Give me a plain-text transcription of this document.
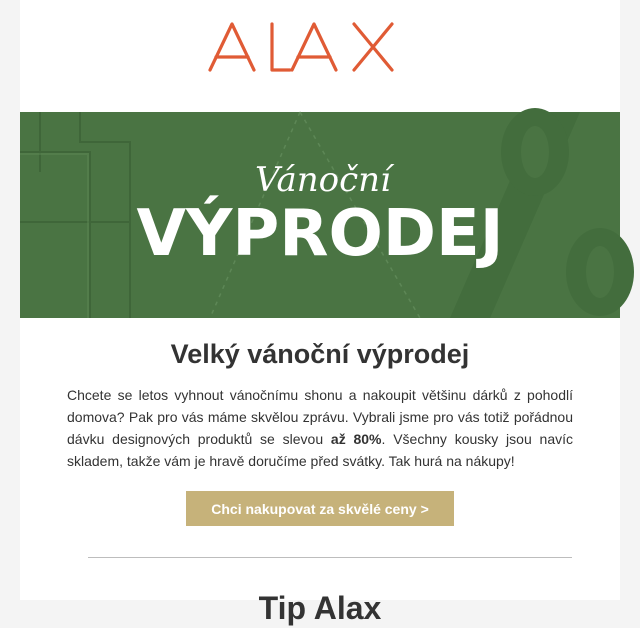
Vánoční
VÝPRODEJ
Velký vánoční výprodej

Chcete se letos vyhnout vánočnímu shonu a nakoupit většinu dárků z pohodlí domova? Pak pro vás máme skvělou zprávu. Vybrali jsme pro vás totiž pořádnou dávku designových produktů se slevou až 80%. Všechny kousky jsou navíc skladem, takže vám je hravě doručíme před svátky. Tak hurá na nákupy!

Chci nakupovat za skvělé ceny >
Tip Alax
